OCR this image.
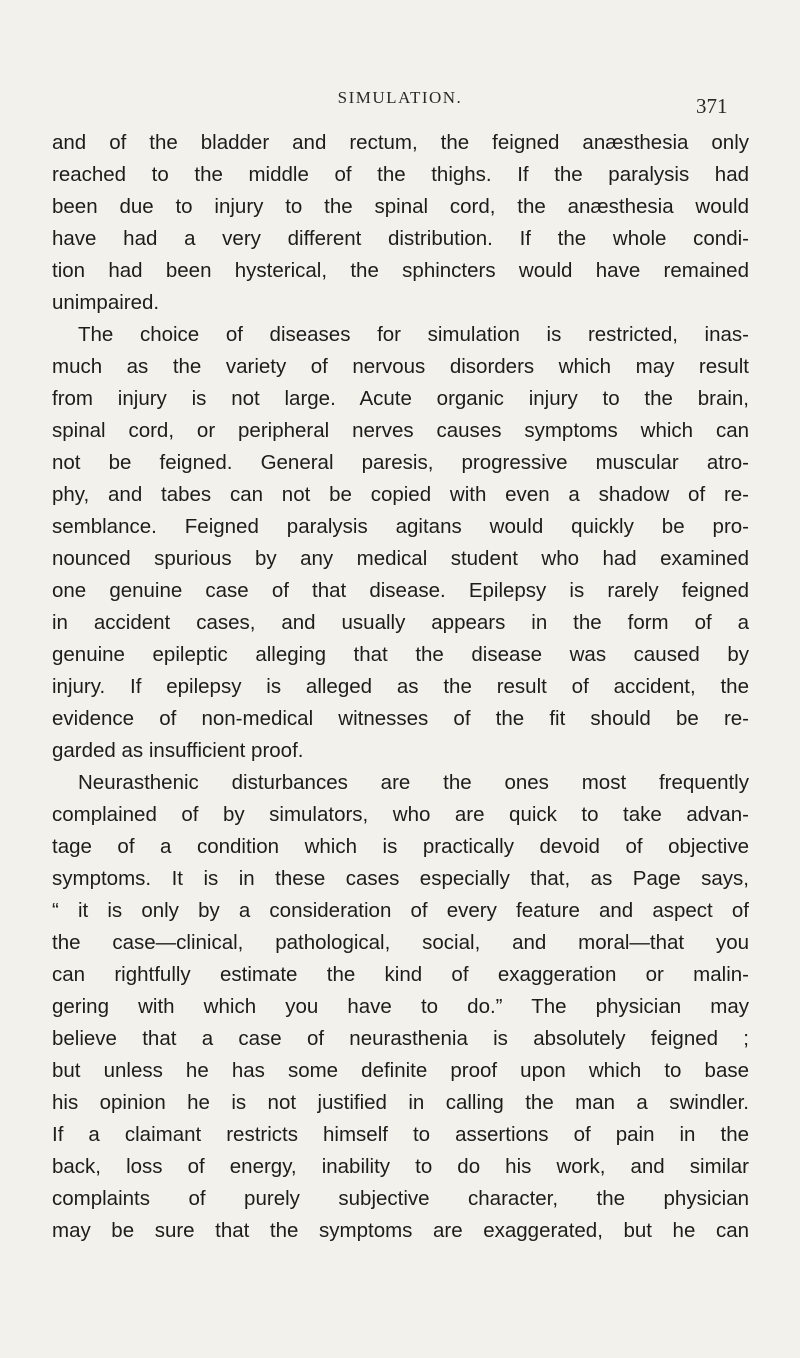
SIMULATION.	371
and of the bladder and rectum, the feigned anæsthesia only
reached to the middle of the thighs. If the paralysis had
been due to injury to the spinal cord, the anæsthesia would
have had a very different distribution. If the whole condi-
tion had been hysterical, the sphincters would have remained
unimpaired.
The choice of diseases for simulation is restricted, inas-
much as the variety of nervous disorders which may result
from injury is not large. Acute organic injury to the brain,
spinal cord, or peripheral nerves causes symptoms which can
not be feigned. General paresis, progressive muscular atro-
phy, and tabes can not be copied with even a shadow of re-
semblance. Feigned paralysis agitans would quickly be pro-
nounced spurious by any medical student who had examined
one genuine case of that disease. Epilepsy is rarely feigned
in accident cases, and usually appears in the form of a
genuine epileptic alleging that the disease was caused by
injury. If epilepsy is alleged as the result of accident, the
evidence of non-medical witnesses of the fit should be re-
garded as insufficient proof.
Neurasthenic disturbances are the ones most frequently
complained of by simulators, who are quick to take advan-
tage of a condition which is practically devoid of objective
symptoms. It is in these cases especially that, as Page says,
“ it is only by a consideration of every feature and aspect of
the case—clinical, pathological, social, and moral—that you
can rightfully estimate the kind of exaggeration or malin-
gering with which you have to do.” The physician may
believe that a case of neurasthenia is absolutely feigned ;
but unless he has some definite proof upon which to base
his opinion he is not justified in calling the man a swindler.
If a claimant restricts himself to assertions of pain in the
back, loss of energy, inability to do his work, and similar
complaints of purely subjective character, the physician
may be sure that the symptoms are exaggerated, but he can
